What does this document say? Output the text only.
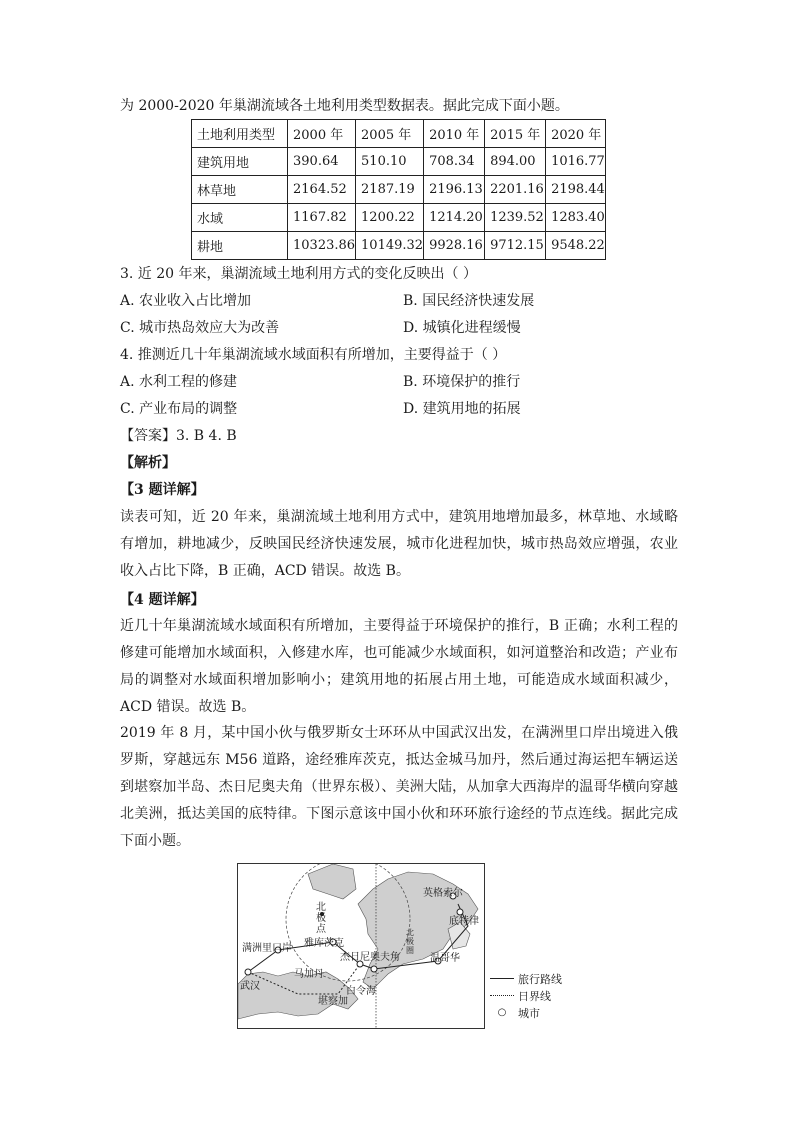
为 2000-2020 年巢湖流域各土地利用类型数据表。据此完成下面小题。
土地利用类型	2000 年	2005 年	2010 年	2015 年	2020 年
建筑用地	390.64	510.10	708.34	894.00	1016.77
林草地	2164.52	2187.19	2196.13	2201.16	2198.44
水域	1167.82	1200.22	1214.20	1239.52	1283.40
耕地	10323.86	10149.32	9928.16	9712.15	9548.22
3. 近 20 年来，巢湖流域土地利用方式的变化反映出（ ）
A. 农业收入占比增加	B. 国民经济快速发展
C. 城市热岛效应大为改善	D. 城镇化进程缓慢
4. 推测近几十年巢湖流域水域面积有所增加，主要得益于（ ）
A. 水利工程的修建	B. 环境保护的推行
C. 产业布局的调整	D. 建筑用地的拓展
【答案】3. B 4. B
【解析】
【3 题详解】
读表可知，近 20 年来，巢湖流域土地利用方式中，建筑用地增加最多，林草地、水域略有增加，耕地减少，反映国民经济快速发展，城市化进程加快，城市热岛效应增强，农业收入占比下降，B 正确，ACD 错误。故选 B。
【4 题详解】
近几十年巢湖流域水域面积有所增加，主要得益于环境保护的推行，B 正确；水利工程的修建可能增加水域面积，入修建水库，也可能减少水域面积，如河道整治和改造；产业布局的调整对水域面积增加影响小；建筑用地的拓展占用土地，可能造成水域面积减少，ACD 错误。故选 B。
2019 年 8 月，某中国小伙与俄罗斯女士环环从中国武汉出发，在满洲里口岸出境进入俄罗斯，穿越远东 M56 道路，途经雅库茨克，抵达金城马加丹，然后通过海运把车辆运送到堪察加半岛、杰日尼奥夫角（世界东极）、美洲大陆，从加拿大西海岸的温哥华横向穿越北美洲，抵达美国的底特律。下图示意该中国小伙和环环旅行途经的节点连线。据此完成下面小题。
英格索尔
北
极
点	北
极
圈
底特律
满洲里口岸 雅库茨克
杰日尼奥夫角	温哥华
武汉
马加丹
白令海
堪察加
旅行路线
日界线
○	城市
